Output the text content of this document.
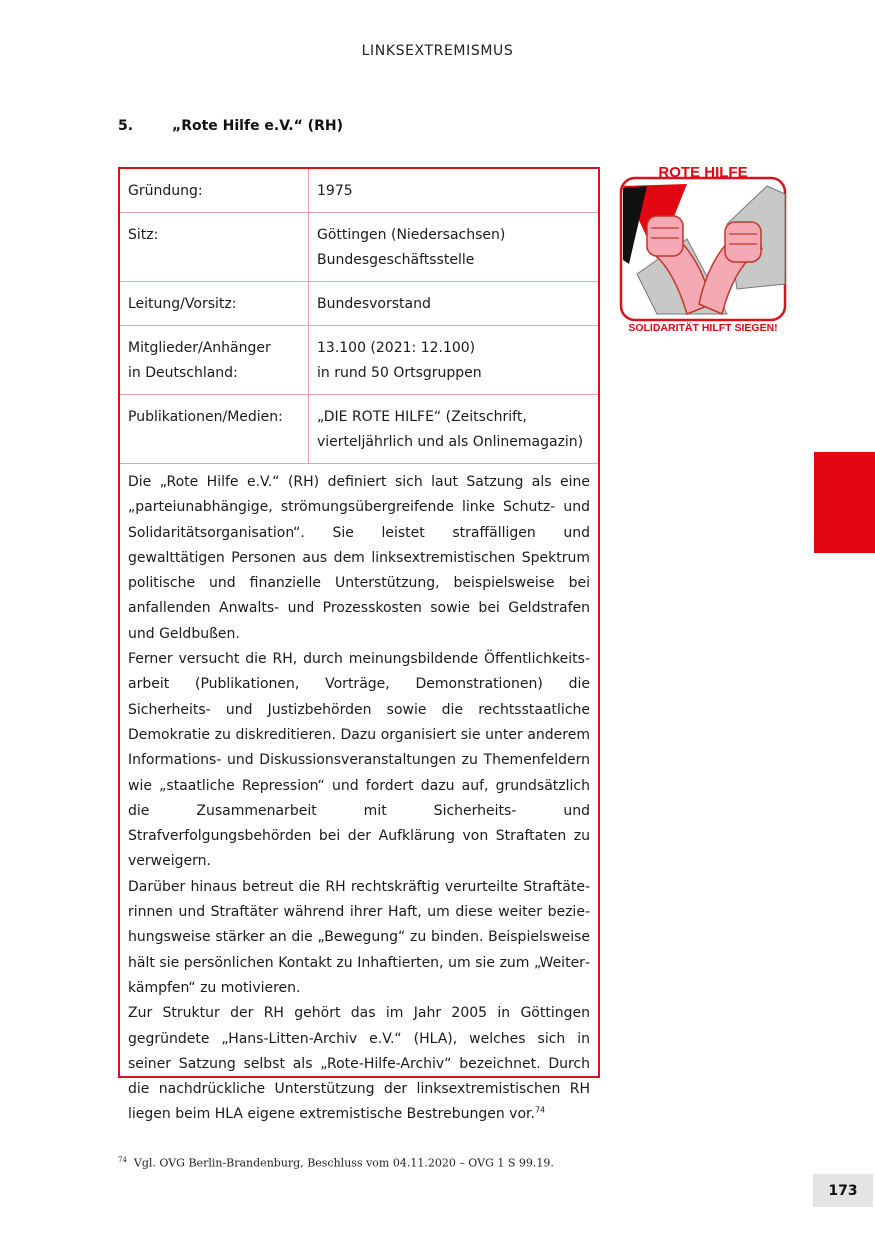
LINKSEXTREMISMUS
5.	„Rote Hilfe e.V.“ (RH)
Gründung:	1975
Sitz:	Göttingen (Niedersachsen)
Bundesgeschäftsstelle
Leitung/Vorsitz:	Bundesvorstand
Mitglieder/Anhänger
in Deutschland:	13.100 (2021: 12.100)
in rund 50 Ortsgruppen
Publikationen/Medien:	„DIE ROTE HILFE“ (Zeitschrift,
vierteljährlich und als Onlinemagazin)

Die „Rote Hilfe e.V.“ (RH) definiert sich laut Satzung als eine „parteiunabhängige, strömungsübergreifende linke Schutz- und Solidaritätsorganisation“. Sie leistet straffälligen und gewalttätigen Personen aus dem linksextremistischen Spektrum politische und finanzielle Unterstützung, beispielsweise bei anfallenden Anwalts- und Prozesskosten sowie bei Geldstrafen und Geldbußen.

Ferner versucht die RH, durch meinungsbildende Öffentlichkeitsarbeit (Publikationen, Vorträge, Demonstrationen) die Sicherheits- und Justizbehörden sowie die rechtsstaatliche Demokratie zu diskreditieren. Dazu organisiert sie unter anderem Informations- und Diskussionsveranstaltungen zu Themenfeldern wie „staatliche Repression“ und fordert dazu auf, grundsätzlich die Zusammenarbeit mit Sicherheits- und Strafverfolgungsbehörden bei der Aufklärung von Straftaten zu verweigern.

Darüber hinaus betreut die RH rechtskräftig verurteilte Straftäterinnen und Straftäter während ihrer Haft, um diese weiter beziehungsweise stärker an die „Bewegung“ zu binden. Beispielsweise hält sie persönlichen Kontakt zu Inhaftierten, um sie zum „Weiterkämpfen“ zu motivieren.

Zur Struktur der RH gehört das im Jahr 2005 in Göttingen gegründete „Hans-Litten-Archiv e.V.“ (HLA), welches sich in seiner Satzung selbst als „Rote-Hilfe-Archiv“ bezeichnet. Durch die nachdrückliche Unterstützung der linksextremistischen RH liegen beim HLA eigene extremistische Bestrebungen vor.$^{74}$

ROTE HILFE
SOLIDARITÄT HILFT SIEGEN!
$^{74}$ Vgl. OVG Berlin-Brandenburg, Beschluss vom 04.11.2020 – OVG 1 S 99.19.
173
